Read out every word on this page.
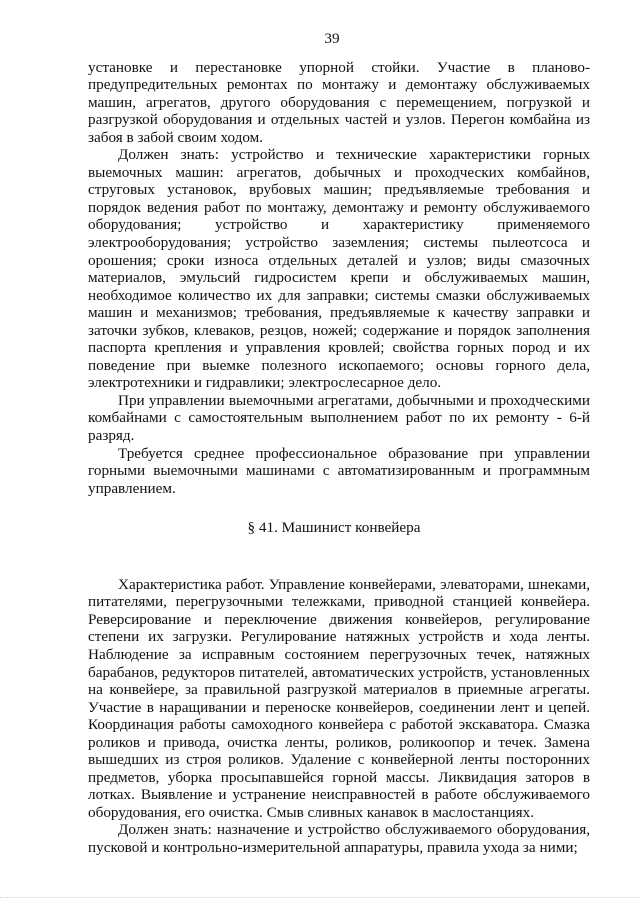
39

установке и перестановке упорной стойки. Участие в планово-предупредительных ремонтах по монтажу и демонтажу обслуживаемых машин, агрегатов, другого оборудования с перемещением, погрузкой и разгрузкой оборудования и отдельных частей и узлов. Перегон комбайна из забоя в забой своим ходом.

Должен знать: устройство и технические характеристики горных выемочных машин: агрегатов, добычных и проходческих комбайнов, струговых установок, врубовых машин; предъявляемые требования и порядок ведения работ по монтажу, демонтажу и ремонту обслуживаемого оборудования; устройство и характеристику применяемого электрооборудования; устройство заземления; системы пылеотсоса и орошения; сроки износа отдельных деталей и узлов; виды смазочных материалов, эмульсий гидросистем крепи и обслуживаемых машин, необходимое количество их для заправки; системы смазки обслуживаемых машин и механизмов; требования, предъявляемые к качеству заправки и заточки зубков, клеваков, резцов, ножей; содержание и порядок заполнения паспорта крепления и управления кровлей; свойства горных пород и их поведение при выемке полезного ископаемого; основы горного дела, электротехники и гидравлики; электрослесарное дело.

При управлении выемочными агрегатами, добычными и проходческими комбайнами с самостоятельным выполнением работ по их ремонту - 6-й разряд.

Требуется среднее профессиональное образование при управлении горными выемочными машинами с автоматизированным и программным управлением.

§ 41. Машинист конвейера

Характеристика работ. Управление конвейерами, элеваторами, шнеками, питателями, перегрузочными тележками, приводной станцией конвейера. Реверсирование и переключение движения конвейеров, регулирование степени их загрузки. Регулирование натяжных устройств и хода ленты. Наблюдение за исправным состоянием перегрузочных течек, натяжных барабанов, редукторов питателей, автоматических устройств, установленных на конвейере, за правильной разгрузкой материалов в приемные агрегаты. Участие в наращивании и переноске конвейеров, соединении лент и цепей. Координация работы самоходного конвейера с работой экскаватора. Смазка роликов и привода, очистка ленты, роликов, роликоопор и течек. Замена вышедших из строя роликов. Удаление с конвейерной ленты посторонних предметов, уборка просыпавшейся горной массы. Ликвидация заторов в лотках. Выявление и устранение неисправностей в работе обслуживаемого оборудования, его очистка. Смыв сливных канавок в маслостанциях.

Должен знать: назначение и устройство обслуживаемого оборудования, пусковой и контрольно-измерительной аппаратуры, правила ухода за ними;
